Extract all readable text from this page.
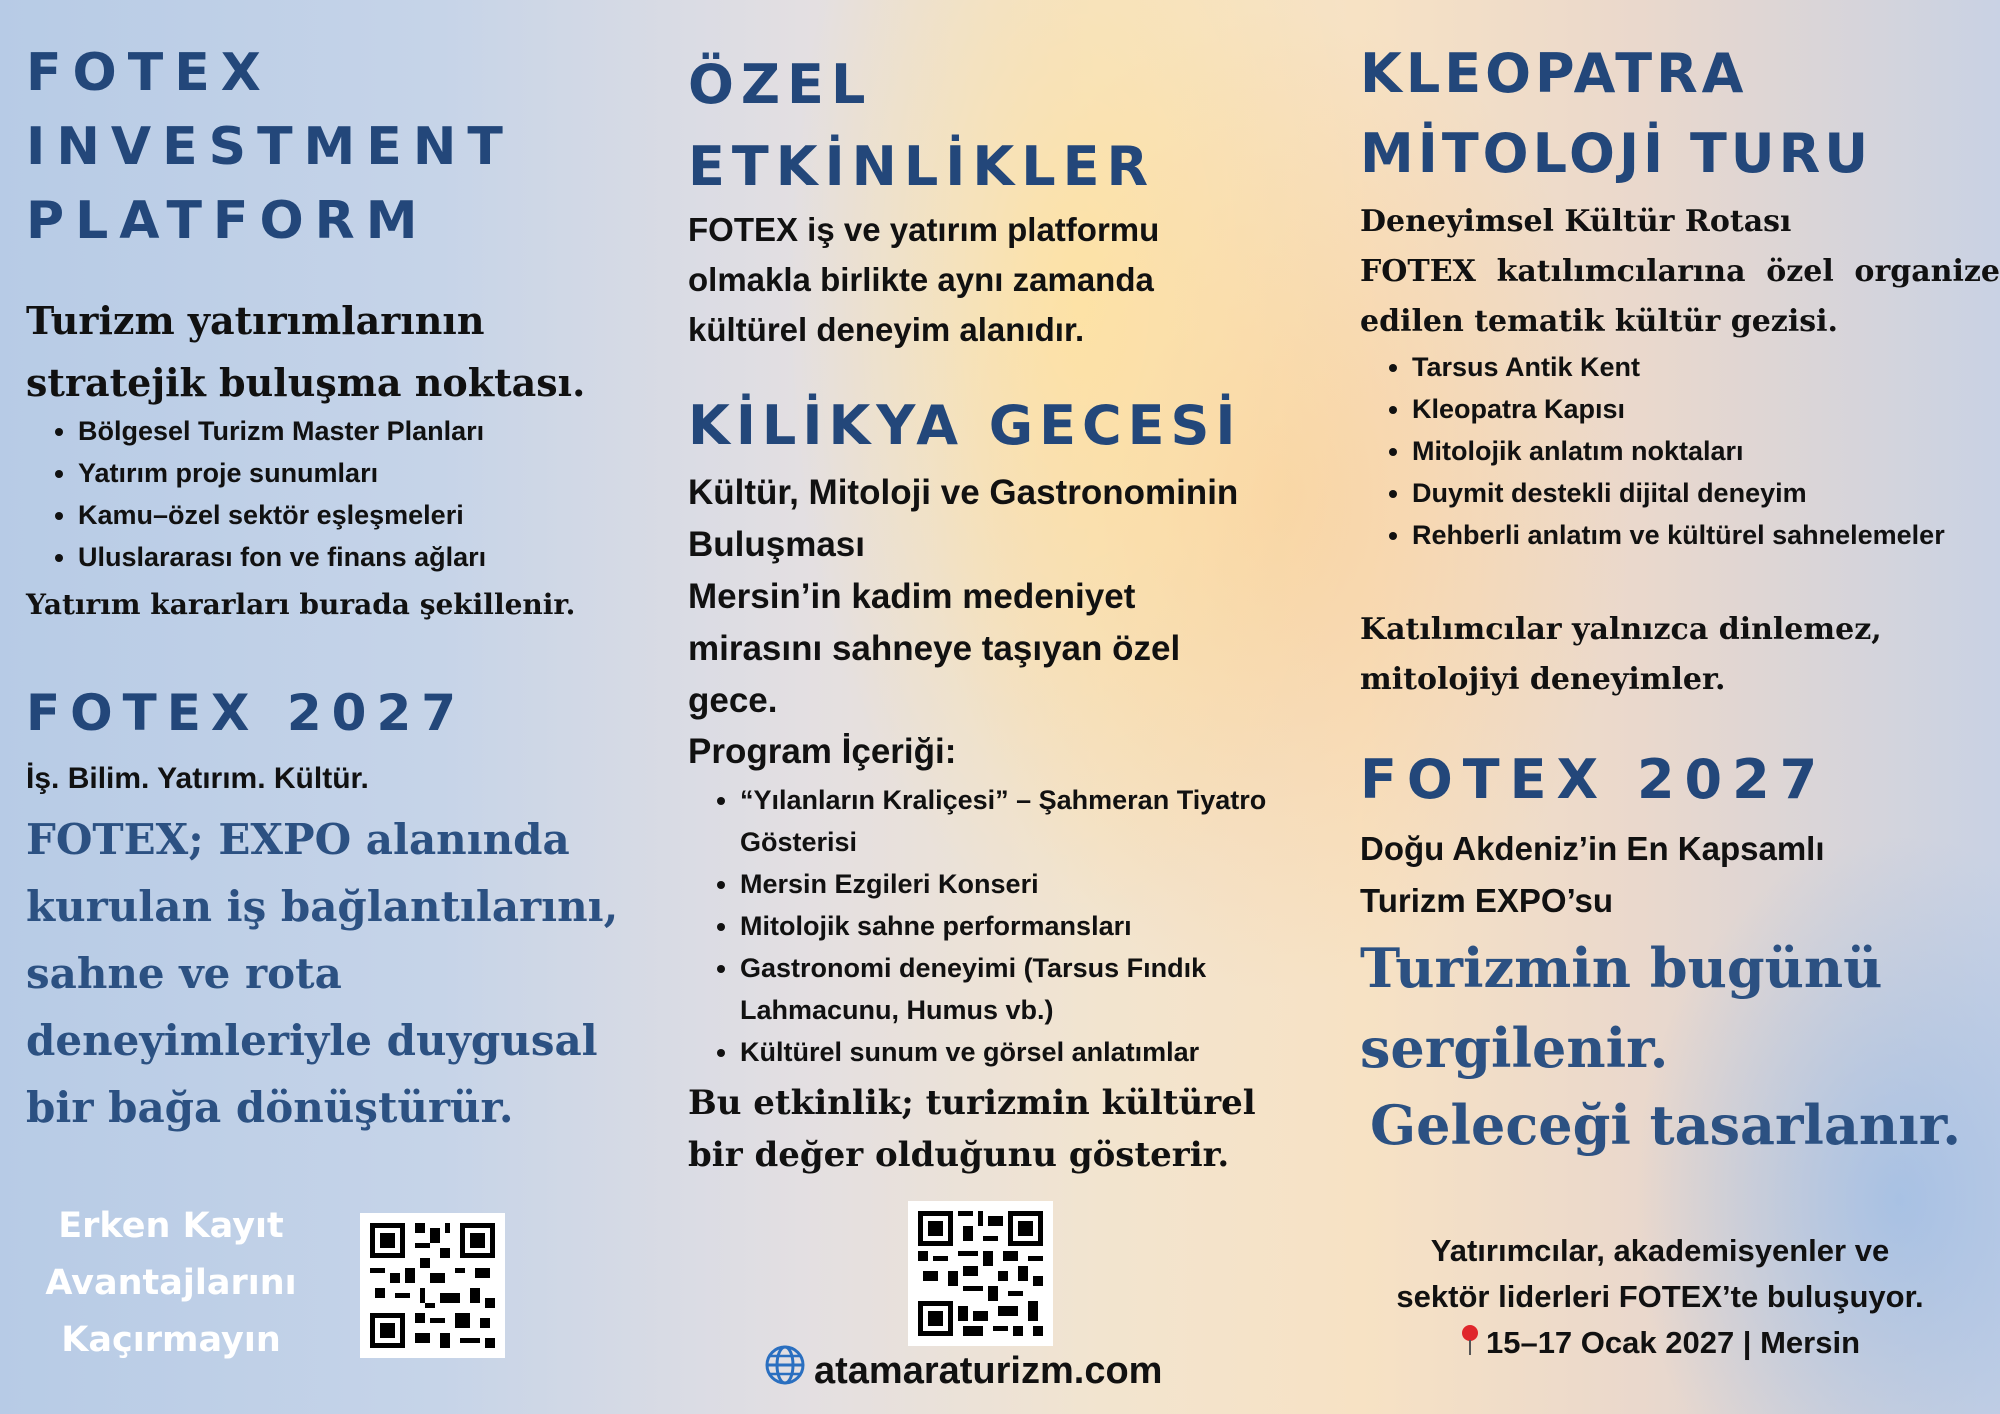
FOTEX
INVESTMENT
PLATFORM
Turizm yatırımlarının stratejik buluşma noktası.
• Bölgesel Turizm Master Planları
• Yatırım proje sunumları
• Kamu–özel sektör eşleşmeleri
• Uluslararası fon ve finans ağları
Yatırım kararları burada şekillenir.
FOTEX 2027
İş. Bilim. Yatırım. Kültür.
FOTEX; EXPO alanında kurulan iş bağlantılarını, sahne ve rota deneyimleriyle duygusal bir bağa dönüştürür.
Erken Kayıt
Avantajlarını
Kaçırmayın
ÖZEL
ETKİNLİKLER
FOTEX iş ve yatırım platformu olmakla birlikte aynı zamanda kültürel deneyim alanıdır.
KİLİKYA GECESİ
Kültür, Mitoloji ve Gastronominin Buluşması
Mersin’in kadim medeniyet mirasını sahneye taşıyan özel gece.
Program İçeriği:
• “Yılanların Kraliçesi” – Şahmeran Tiyatro Gösterisi
• Mersin Ezgileri Konseri
• Mitolojik sahne performansları
• Gastronomi deneyimi (Tarsus Fındık Lahmacunu, Humus vb.)
• Kültürel sunum ve görsel anlatımlar
Bu etkinlik; turizmin kültürel bir değer olduğunu gösterir.
atamaraturizm.com
KLEOPATRA
MİTOLOJİ TURU
Deneyimsel Kültür Rotası
FOTEX katılımcılarına özel organize edilen tematik kültür gezisi.
• Tarsus Antik Kent
• Kleopatra Kapısı
• Mitolojik anlatım noktaları
• Duymit destekli dijital deneyim
• Rehberli anlatım ve kültürel sahnelemeler
Katılımcılar yalnızca dinlemez, mitolojiyi deneyimler.
FOTEX 2027
Doğu Akdeniz’in En Kapsamlı Turizm EXPO’su
Turizmin bugünü sergilenir.
Geleceği tasarlanır.
Yatırımcılar, akademisyenler ve
sektör liderleri FOTEX’te buluşuyor.
15–17 Ocak 2027 | Mersin
